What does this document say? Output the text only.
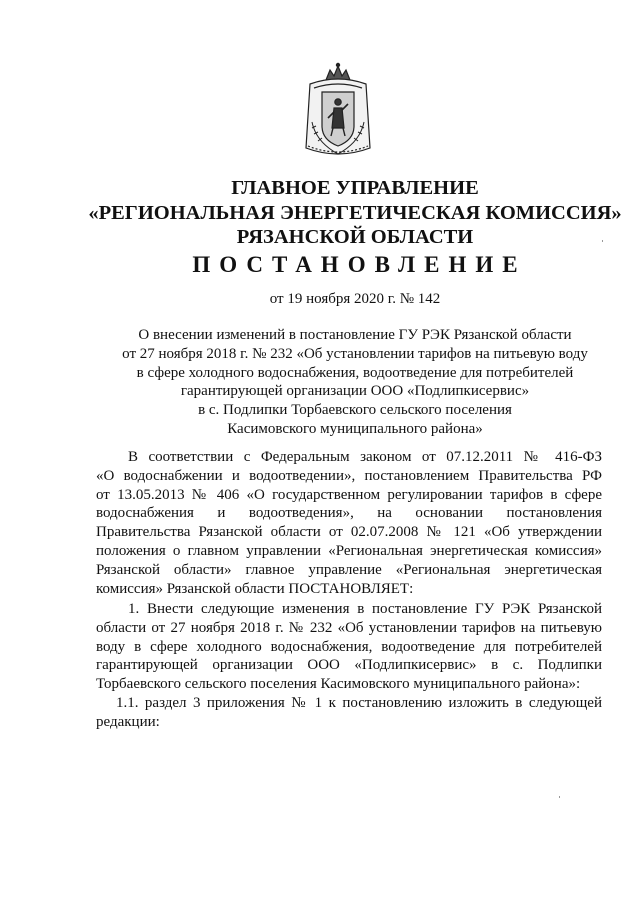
ГЛАВНОЕ УПРАВЛЕНИЕ
«РЕГИОНАЛЬНАЯ ЭНЕРГЕТИЧЕСКАЯ КОМИССИЯ»
РЯЗАНСКОЙ ОБЛАСТИ
ПОСТАНОВЛЕНИЕ
от 19 ноября 2020 г. № 142
О внесении изменений в постановление ГУ РЭК Рязанской области
от 27 ноября 2018 г. № 232 «Об установлении тарифов на питьевую воду
в сфере холодного водоснабжения, водоотведение для потребителей
гарантирующей организации ООО «Подлипкисервис»
в с. Подлипки Торбаевского сельского поселения
Касимовского муниципального района»
В соответствии с Федеральным законом от 07.12.2011 № 416-ФЗ
«О водоснабжении и водоотведении», постановлением Правительства РФ
от 13.05.2013 № 406 «О государственном регулировании тарифов в сфере
водоснабжения и водоотведения», на основании постановления
Правительства Рязанской области от 02.07.2008 № 121 «Об утверждении
положения о главном управлении «Региональная энергетическая комиссия»
Рязанской области» главное управление «Региональная энергетическая
комиссия» Рязанской области ПОСТАНОВЛЯЕТ:
1. Внести следующие изменения в постановление ГУ РЭК Рязанской
области от 27 ноября 2018 г. № 232 «Об установлении тарифов на питьевую
воду в сфере холодного водоснабжения, водоотведение для потребителей
гарантирующей организации ООО «Подлипкисервис» в с. Подлипки
Торбаевского сельского поселения Касимовского муниципального района»:
1.1. раздел 3 приложения № 1 к постановлению изложить в следующей
редакции:
